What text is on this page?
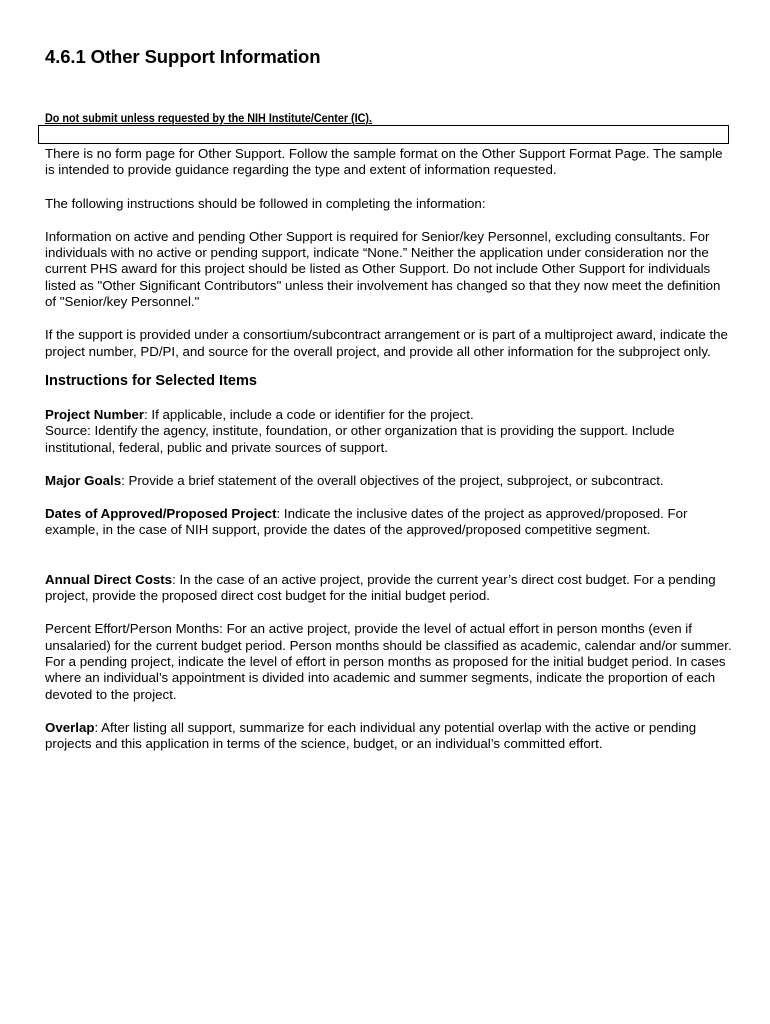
4.6.1 Other Support Information
Do not submit unless requested by the NIH Institute/Center (IC).

There is no form page for Other Support. Follow the sample format on the Other Support Format Page. The sample is intended to provide guidance regarding the type and extent of information requested.

The following instructions should be followed in completing the information:

Information on active and pending Other Support is required for Senior/key Personnel, excluding consultants. For individuals with no active or pending support, indicate “None.” Neither the application under consideration nor the current PHS award for this project should be listed as Other Support. Do not include Other Support for individuals listed as "Other Significant Contributors" unless their involvement has changed so that they now meet the definition of "Senior/key Personnel."

If the support is provided under a consortium/subcontract arrangement or is part of a multiproject award, indicate the project number, PD/PI, and source for the overall project, and provide all other information for the subproject only.

Instructions for Selected Items

Project Number: If applicable, include a code or identifier for the project.
Source: Identify the agency, institute, foundation, or other organization that is providing the support. Include institutional, federal, public and private sources of support.

Major Goals: Provide a brief statement of the overall objectives of the project, subproject, or subcontract.

Dates of Approved/Proposed Project: Indicate the inclusive dates of the project as approved/proposed. For example, in the case of NIH support, provide the dates of the approved/proposed competitive segment.

Annual Direct Costs: In the case of an active project, provide the current year’s direct cost budget. For a pending project, provide the proposed direct cost budget for the initial budget period.

Percent Effort/Person Months: For an active project, provide the level of actual effort in person months (even if unsalaried) for the current budget period. Person months should be classified as academic, calendar and/or summer. For a pending project, indicate the level of effort in person months as proposed for the initial budget period. In cases where an individual’s appointment is divided into academic and summer segments, indicate the proportion of each devoted to the project.

Overlap: After listing all support, summarize for each individual any potential overlap with the active or pending projects and this application in terms of the science, budget, or an individual’s committed effort.
